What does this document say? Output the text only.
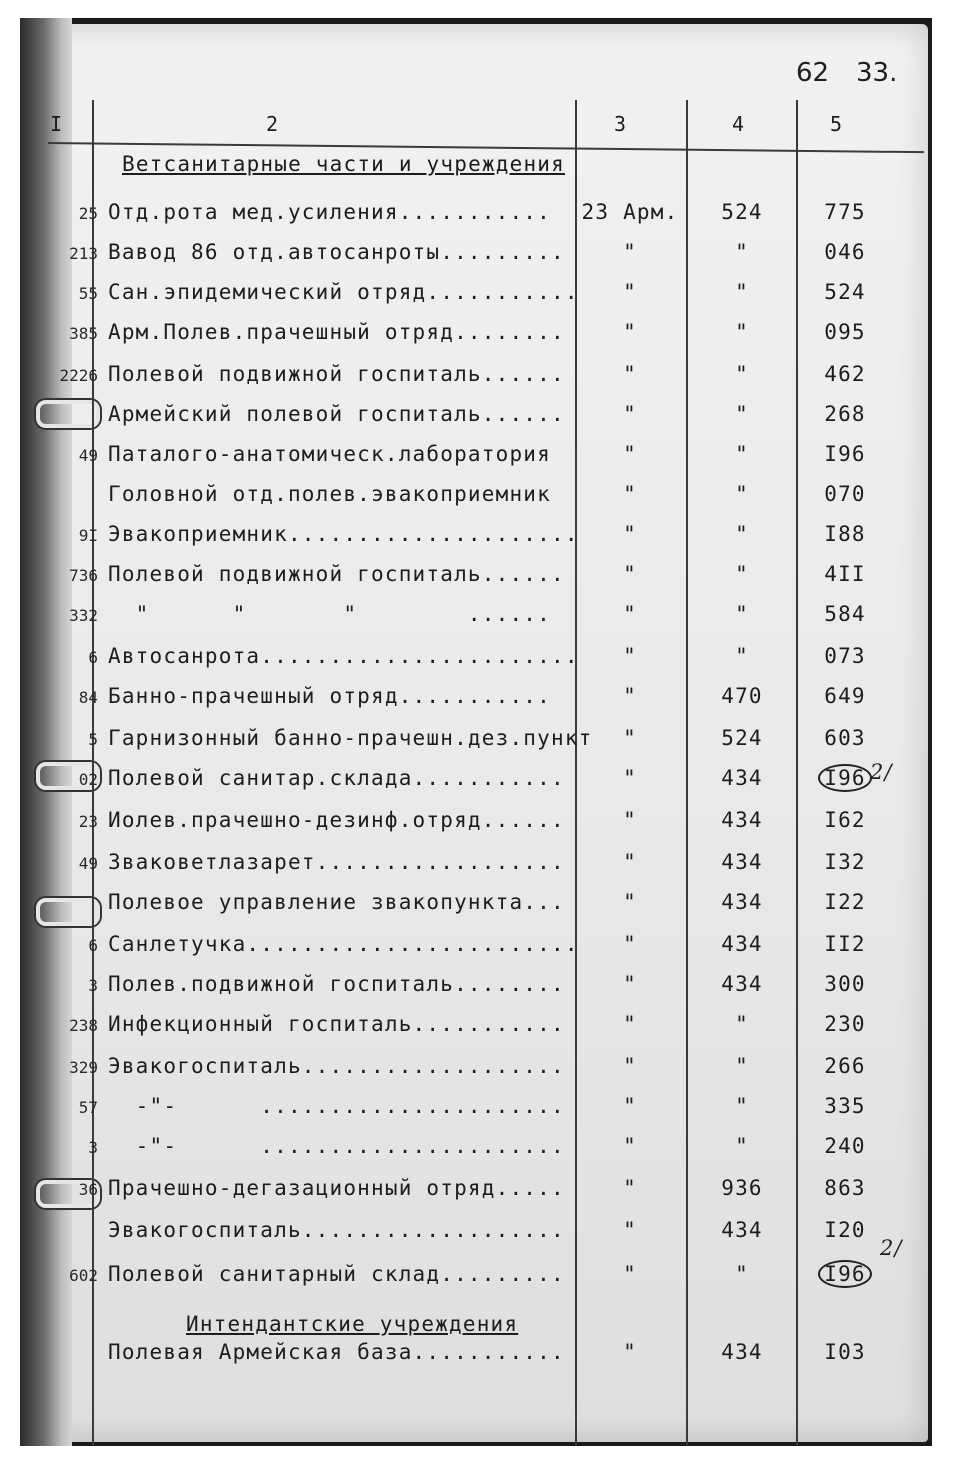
62 33.
I	2	3	4	5
Ветсанитарные части и учреждения
Интендантские учреждения
25 Отд.рота мед.усиления........... 23 Арм.	524	775
213 Вавод 86 отд.автосанроты.........	"	"	046
55 Сан.эпидемический отряд...........	"	"	524
385 Арм.Полев.прачешный отряд........	"	"	095
2226 Полевой подвижной госпиталь......	"	"	462
Армейский полевой госпиталь......	"	"	268
49 Паталого-анатомическ.лаборатория	"	"	I96
Головной отд.полев.эвакоприемник	"	"	070
9I Эвакоприемник.....................	"	"	I88
736 Полевой подвижной госпиталь......	"	"	4II
332 "      "       "        ......	"	"	584
6 Автосанрота.......................	"	"	073
84 Банно-прачешный отряд...........	"	470	649
5 Гарнизонный банно-прачешн.дез.пункт	"	524	603
02 Полевой санитар.склада...........	"	434	I96
23 Иолев.прачешно-дезинф.отряд......	"	434	I62
49 Зваковетлазарет..................	"	434	I32
Полевое управление звакопункта...	"	434	I22
6 Санлетучка........................	"	434	II2
3 Полев.подвижной госпиталь........	"	434	300
238 Инфекционный госпиталь...........	"	"	230
329 Эвакогоспиталь...................	"	"	266
57 -"-      ......................	"	"	335
3 -"-      ......................	"	"	240
36 Прачешно-дегазационный отряд.....	"	936	863
Эвакогоспиталь...................	"	434	I20
602 Полевой санитарный склад.........	"	"	I96
Полевая Армейская база...........	"	434	I03
2/
2/
